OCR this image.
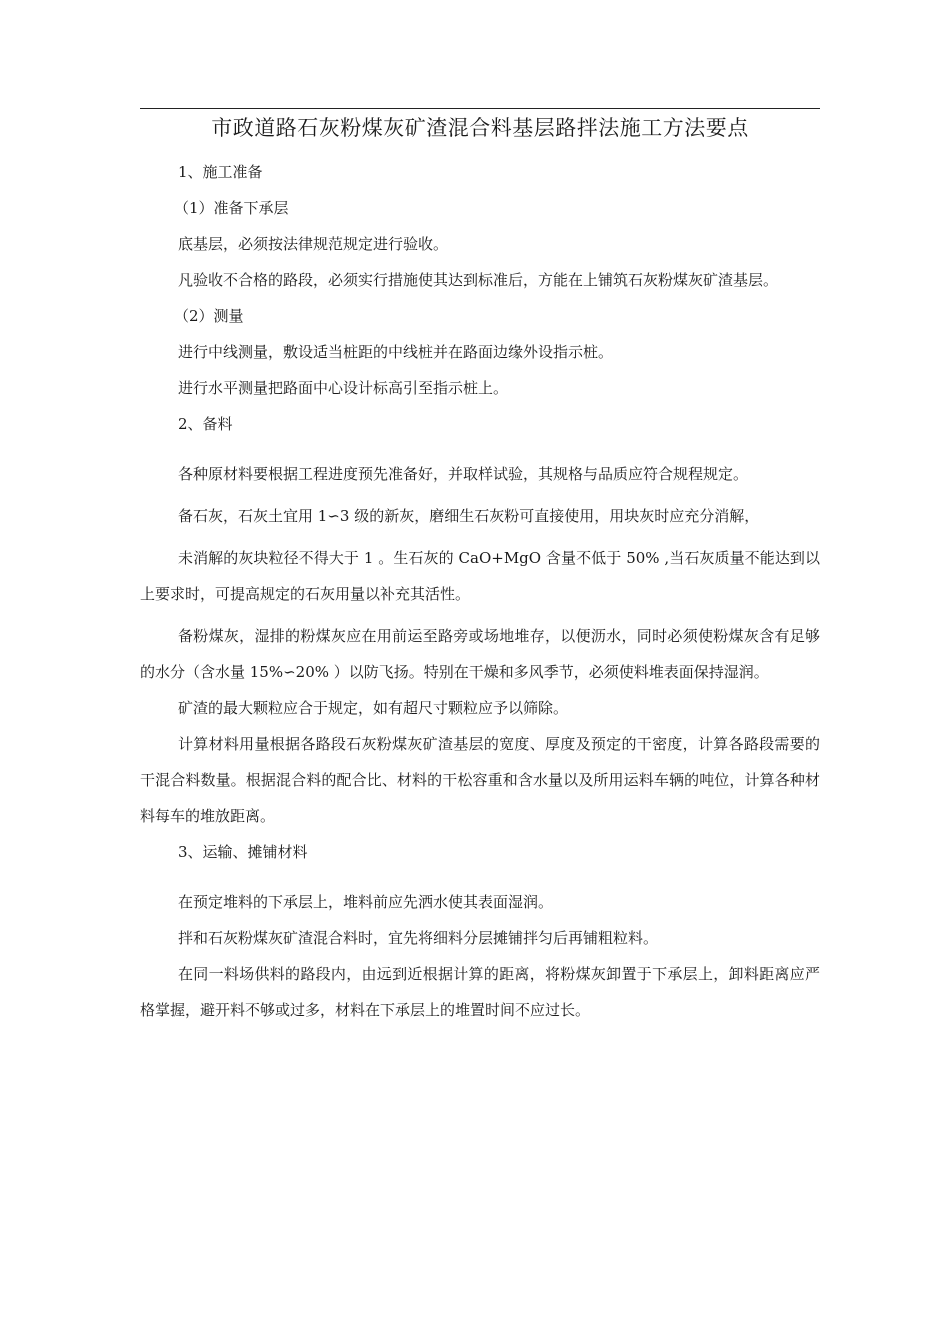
市政道路石灰粉煤灰矿渣混合料基层路拌法施工方法要点

1、施工准备

（1）准备下承层

底基层，必须按法律规范规定进行验收。

凡验收不合格的路段，必须实行措施使其达到标准后，方能在上铺筑石灰粉煤灰矿渣基层。

（2）测量

进行中线测量，敷设适当桩距的中线桩并在路面边缘外设指示桩。

进行水平测量把路面中心设计标高引至指示桩上。

2、备料

各种原材料要根据工程进度预先准备好，并取样试验，其规格与品质应符合规程规定。

备石灰，石灰土宜用 1∽3 级的新灰，磨细生石灰粉可直接使用，用块灰时应充分消解，

未消解的灰块粒径不得大于 1 。生石灰的 CaO+MgO 含量不低于 50% ,当石灰质量不能达到以上要求时，可提高规定的石灰用量以补充其活性。

备粉煤灰，湿排的粉煤灰应在用前运至路旁或场地堆存，以便沥水，同时必须使粉煤灰含有足够的水分（含水量 15%∽20% ）以防飞扬。特别在干燥和多风季节，必须使料堆表面保持湿润。

矿渣的最大颗粒应合于规定，如有超尺寸颗粒应予以筛除。

计算材料用量根据各路段石灰粉煤灰矿渣基层的宽度、厚度及预定的干密度，计算各路段需要的干混合料数量。根据混合料的配合比、材料的干松容重和含水量以及所用运料车辆的吨位，计算各种材料每车的堆放距离。

3、运输、摊铺材料

在预定堆料的下承层上，堆料前应先洒水使其表面湿润。

拌和石灰粉煤灰矿渣混合料时，宜先将细料分层摊铺拌匀后再铺粗粒料。

在同一料场供料的路段内，由远到近根据计算的距离，将粉煤灰卸置于下承层上，卸料距离应严格掌握，避开料不够或过多，材料在下承层上的堆置时间不应过长。
